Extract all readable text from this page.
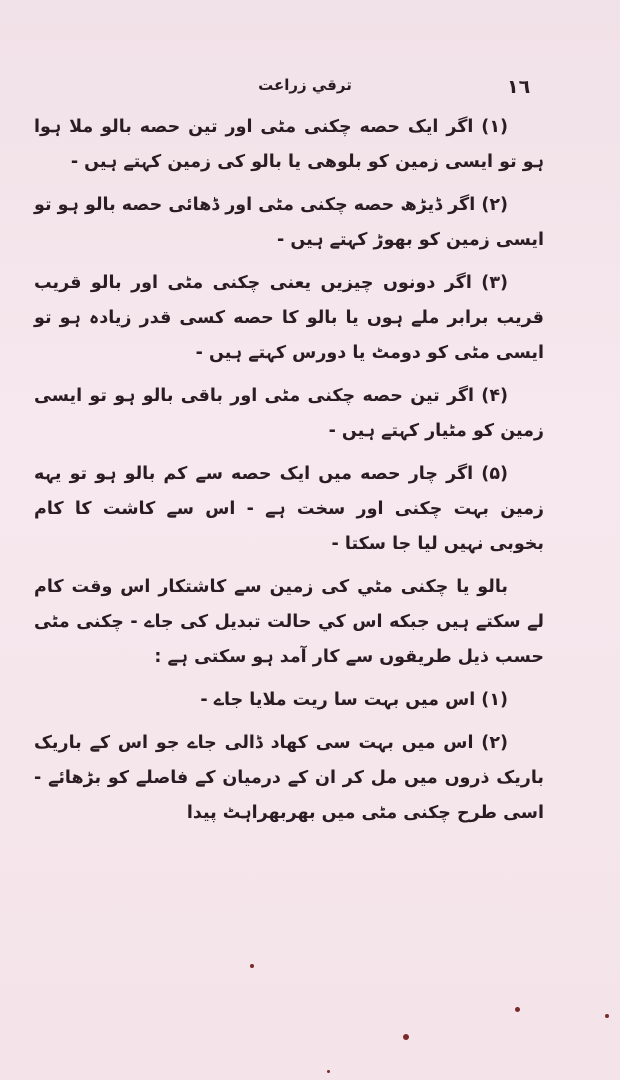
۱٦
ترقي زراعت

(۱) اگر ایک حصه چکنی مٹی اور تین حصه بالو ملا ہوا ہو تو ایسی زمین کو بلوھی یا بالو کی زمین کہتے ہیں -

(۲) اگر ڈیڑھ حصه چکنی مٹی اور ڈھائی حصه بالو ہو تو ایسی زمین کو بھوڑ کہتے ہیں -

(۳) اگر دونوں چیزیں یعنی چکنی مٹی اور بالو قریب قریب برابر ملے ہوں یا بالو کا حصه کسی قدر زیادہ ہو تو ایسی مٹی کو دومٹ یا دورس کہتے ہیں -

(۴) اگر تین حصه چکنی مٹی اور باقی بالو ہو تو ایسی زمین کو مٹیار کہتے ہیں -

(۵) اگر چار حصه میں ایک حصه سے کم بالو ہو تو یہه زمین بہت چکنی اور سخت ہے - اس سے کاشت کا کام بخوبی نہیں لیا جا سکتا -

بالو یا چکنی مٹي کی زمین سے کاشتکار اس وقت کام لے سکتے ہیں جبکه اس کي حالت تبدیل کی جاے - چکنی مٹی حسب ذیل طریقوں سے کار آمد ہو سکتی ہے :

(۱) اس میں بہت سا ریت ملایا جاے -

(۲) اس میں بہت سی کھاد ڈالی جاے جو اس کے باریک باریک ذروں میں مل کر ان کے درمیان کے فاصلے کو بڑھائے - اسی طرح چکنی مٹی میں بھربھراہٹ پیدا
